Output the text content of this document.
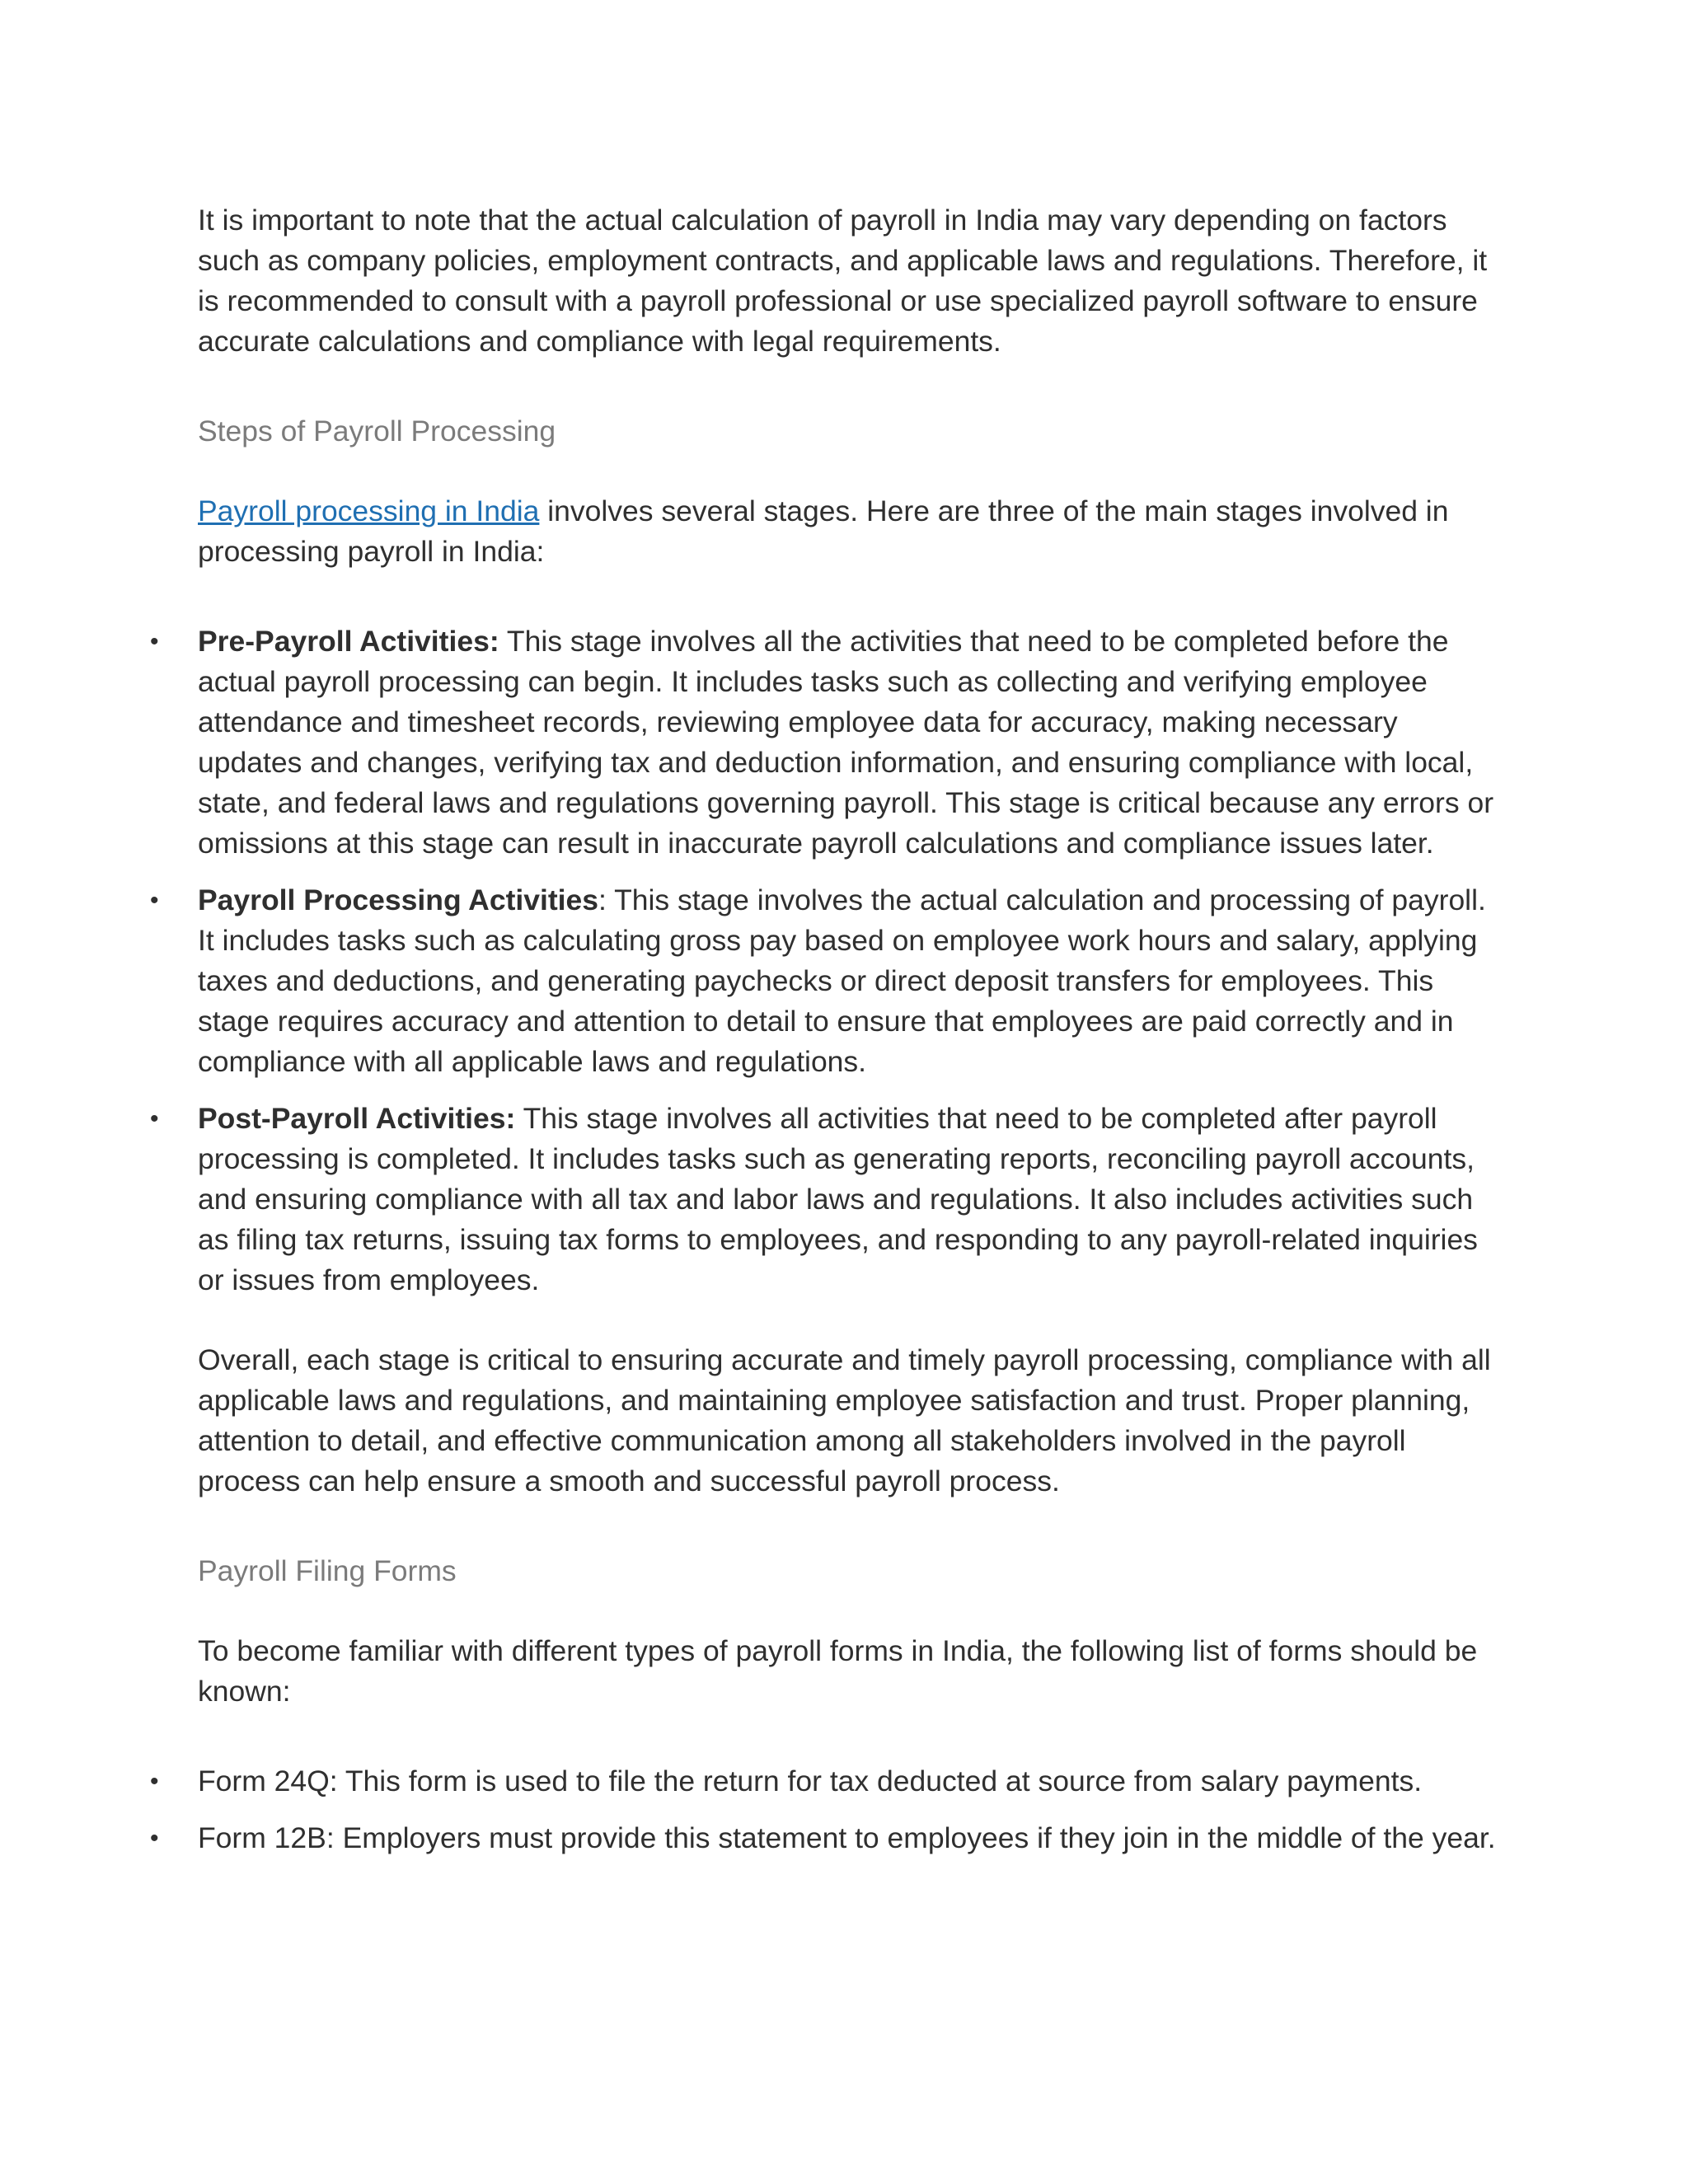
It is important to note that the actual calculation of payroll in India may vary depending on factors such as company policies, employment contracts, and applicable laws and regulations. Therefore, it is recommended to consult with a payroll professional or use specialized payroll software to ensure accurate calculations and compliance with legal requirements.

Steps of Payroll Processing

Payroll processing in India involves several stages. Here are three of the main stages involved in processing payroll in India:

• Pre-Payroll Activities: This stage involves all the activities that need to be completed before the actual payroll processing can begin. It includes tasks such as collecting and verifying employee attendance and timesheet records, reviewing employee data for accuracy, making necessary updates and changes, verifying tax and deduction information, and ensuring compliance with local, state, and federal laws and regulations governing payroll. This stage is critical because any errors or omissions at this stage can result in inaccurate payroll calculations and compliance issues later.
• Payroll Processing Activities: This stage involves the actual calculation and processing of payroll. It includes tasks such as calculating gross pay based on employee work hours and salary, applying taxes and deductions, and generating paychecks or direct deposit transfers for employees. This stage requires accuracy and attention to detail to ensure that employees are paid correctly and in compliance with all applicable laws and regulations.
• Post-Payroll Activities: This stage involves all activities that need to be completed after payroll processing is completed. It includes tasks such as generating reports, reconciling payroll accounts, and ensuring compliance with all tax and labor laws and regulations. It also includes activities such as filing tax returns, issuing tax forms to employees, and responding to any payroll-related inquiries or issues from employees.

Overall, each stage is critical to ensuring accurate and timely payroll processing, compliance with all applicable laws and regulations, and maintaining employee satisfaction and trust. Proper planning, attention to detail, and effective communication among all stakeholders involved in the payroll process can help ensure a smooth and successful payroll process.

Payroll Filing Forms

To become familiar with different types of payroll forms in India, the following list of forms should be known:

• Form 24Q: This form is used to file the return for tax deducted at source from salary payments.
• Form 12B: Employers must provide this statement to employees if they join in the middle of the year.
